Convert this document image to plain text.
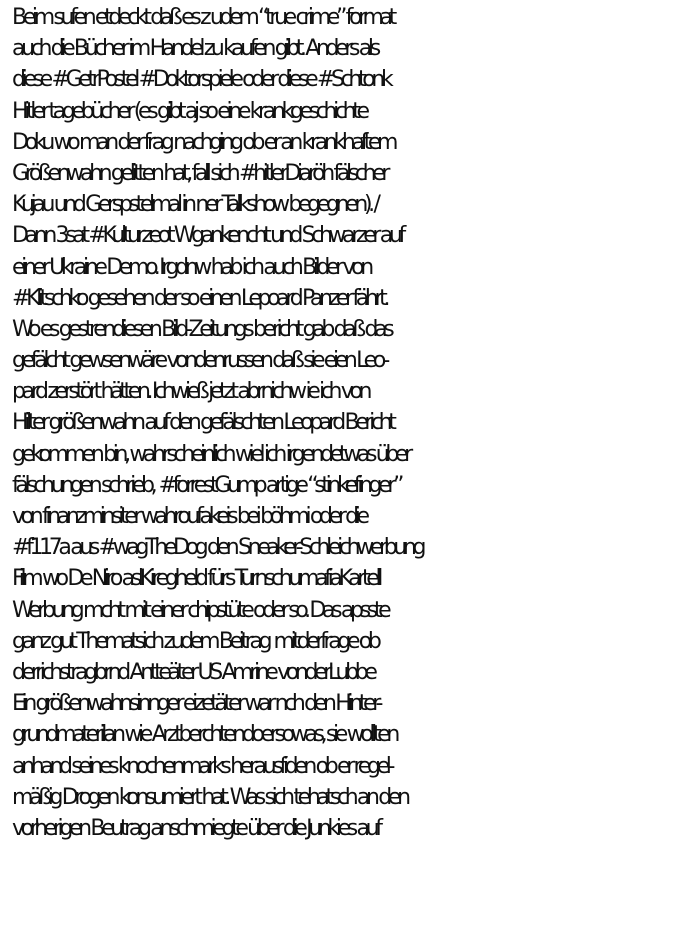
Beim sufen etdeckt daß es z udem “true crime” format
auch die Bücher im Handel zu kaufen gibt. Anders als
diese #GetrPostel #Doktorspiele oder diese #Schtonk
Hitler tagebücher (es gibt aj so eine krankgeschichte
Doku wo man der frag nachging ob er an krankhaftem
Größenwahn gelitten hat, fall sich #hitlerDiaröh fälscher
Kujau und Gerspstelmal in ner Talkshow begegnen). /
Dann 3sat #Kulturzeot Wgankencht und Schwarzer auf
einer Ukraine Demo. Irgdnw hab ich auch Bilder von
#Klitschko gesehen der so einen Lepoard Panzer fährt.
Wo es gestrendiesen Bild-Zeitungs bericht gab daß das
gefälcht gewsenwäre vondenrussen daß sie eien Leo-
pard zerstört hätten. Ichwieß jetzt abrnichw ie ich von
Hilter größenwahn auf den gefälschten Leopard Bericht
gekommen bin, wahrscheinlich wiel ich irgendetwas über
fälschungen schrieb,  #forrestGump artige “stinkefinger”
von finanzminsiter wahroufakeis bei böhmi oder die
#f117a aus #wagTheDog den Sneaker-Schleichwerbung
Film wo De Niro aslKiregheld fürs TurnschumafiaKartell
Werbung mcht mit einer chipstüte oder so. Das apsste
ganz gut Thematsich zudem Beitrag  mitderfrage ob
derrichstragbrnd Antteäter US Amrine vonderLubbe
Ein größenwahnsinnger eizetäter war nch den Hinter-
grundmaterilan wie Arztberchtendoersowas, sie wollten
anhand seines knochenmarks herausfiden ob er regel-
mäßig Drogen konsumiert hat. Was sich tehatsch an den
vorherigen Beutrag anschmiegte über die Junkies auf
